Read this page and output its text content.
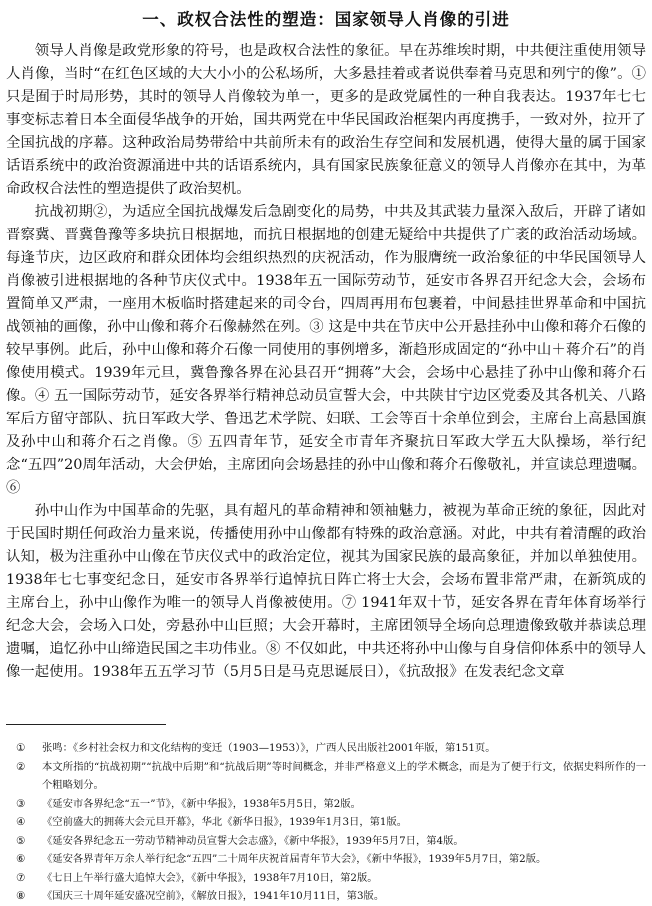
一、政权合法性的塑造：国家领导人肖像的引进

领导人肖像是政党形象的符号，也是政权合法性的象征。早在苏维埃时期，中共便注重使用领导人肖像，当时“在红色区域的大大小小的公私场所，大多悬挂着或者说供奉着马克思和列宁的像”。① 只是囿于时局形势，其时的领导人肖像较为单一，更多的是政党属性的一种自我表达。1937年七七事变标志着日本全面侵华战争的开始，国共两党在中华民国政治框架内再度携手，一致对外，拉开了全国抗战的序幕。这种政治局势带给中共前所未有的政治生存空间和发展机遇，使得大量的属于国家话语系统中的政治资源涌进中共的话语系统内，具有国家民族象征意义的领导人肖像亦在其中，为革命政权合法性的塑造提供了政治契机。

抗战初期②，为适应全国抗战爆发后急剧变化的局势，中共及其武装力量深入敌后，开辟了诸如晋察冀、晋冀鲁豫等多块抗日根据地，而抗日根据地的创建无疑给中共提供了广袤的政治活动场域。每逢节庆，边区政府和群众团体均会组织热烈的庆祝活动，作为服膺统一政治象征的中华民国领导人肖像被引进根据地的各种节庆仪式中。1938年五一国际劳动节，延安市各界召开纪念大会，会场布置简单又严肃，一座用木板临时搭建起来的司令台，四周再用布包裹着，中间悬挂世界革命和中国抗战领袖的画像，孙中山像和蒋介石像赫然在列。③ 这是中共在节庆中公开悬挂孙中山像和蒋介石像的较早事例。此后，孙中山像和蒋介石像一同使用的事例增多，渐趋形成固定的“孙中山＋蒋介石”的肖像使用模式。1939年元旦，冀鲁豫各界在沁县召开“拥蒋”大会，会场中心悬挂了孙中山像和蒋介石像。④ 五一国际劳动节，延安各界举行精神总动员宣誓大会，中共陕甘宁边区党委及其各机关、八路军后方留守部队、抗日军政大学、鲁迅艺术学院、妇联、工会等百十余单位到会，主席台上高悬国旗及孙中山和蒋介石之肖像。⑤ 五四青年节，延安全市青年齐聚抗日军政大学五大队操场，举行纪念“五四”20周年活动，大会伊始，主席团向会场悬挂的孙中山像和蒋介石像敬礼，并宣读总理遗嘱。⑥

孙中山作为中国革命的先驱，具有超凡的革命精神和领袖魅力，被视为革命正统的象征，因此对于民国时期任何政治力量来说，传播使用孙中山像都有特殊的政治意涵。对此，中共有着清醒的政治认知，极为注重孙中山像在节庆仪式中的政治定位，视其为国家民族的最高象征，并加以单独使用。1938年七七事变纪念日，延安市各界举行追悼抗日阵亡将士大会，会场布置非常严肃，在新筑成的主席台上，孙中山像作为唯一的领导人肖像被使用。⑦ 1941年双十节，延安各界在青年体育场举行纪念大会，会场入口处，旁悬孙中山巨照；大会开幕时，主席团领导全场向总理遗像致敬并恭读总理遗嘱，追忆孙中山缔造民国之丰功伟业。⑧ 不仅如此，中共还将孙中山像与自身信仰体系中的领导人像一起使用。1938年五五学习节（5月5日是马克思诞辰日），《抗敌报》在发表纪念文章

①	张鸣：《乡村社会权力和文化结构的变迁（1903—1953）》，广西人民出版社2001年版，第151页。
②	本文所指的“抗战初期”“抗战中后期”和“抗战后期”等时间概念，并非严格意义上的学术概念，而是为了便于行文，依据史料所作的一个粗略划分。
③	《延安市各界纪念“五一”节》，《新中华报》，1938年5月5日，第2版。
④	《空前盛大的拥蒋大会元旦开幕》，华北《新华日报》，1939年1月3日，第1版。
⑤	《延安各界纪念五一劳动节精神动员宣誓大会志盛》，《新中华报》，1939年5月7日，第4版。
⑥	《延安各界青年万余人举行纪念“五四”二十周年庆祝首届青年节大会》，《新中华报》，1939年5月7日，第2版。
⑦	《七日上午举行盛大追悼大会》，《新中华报》，1938年7月10日，第2版。
⑧	《国庆三十周年延安盛况空前》，《解放日报》，1941年10月11日，第3版。
